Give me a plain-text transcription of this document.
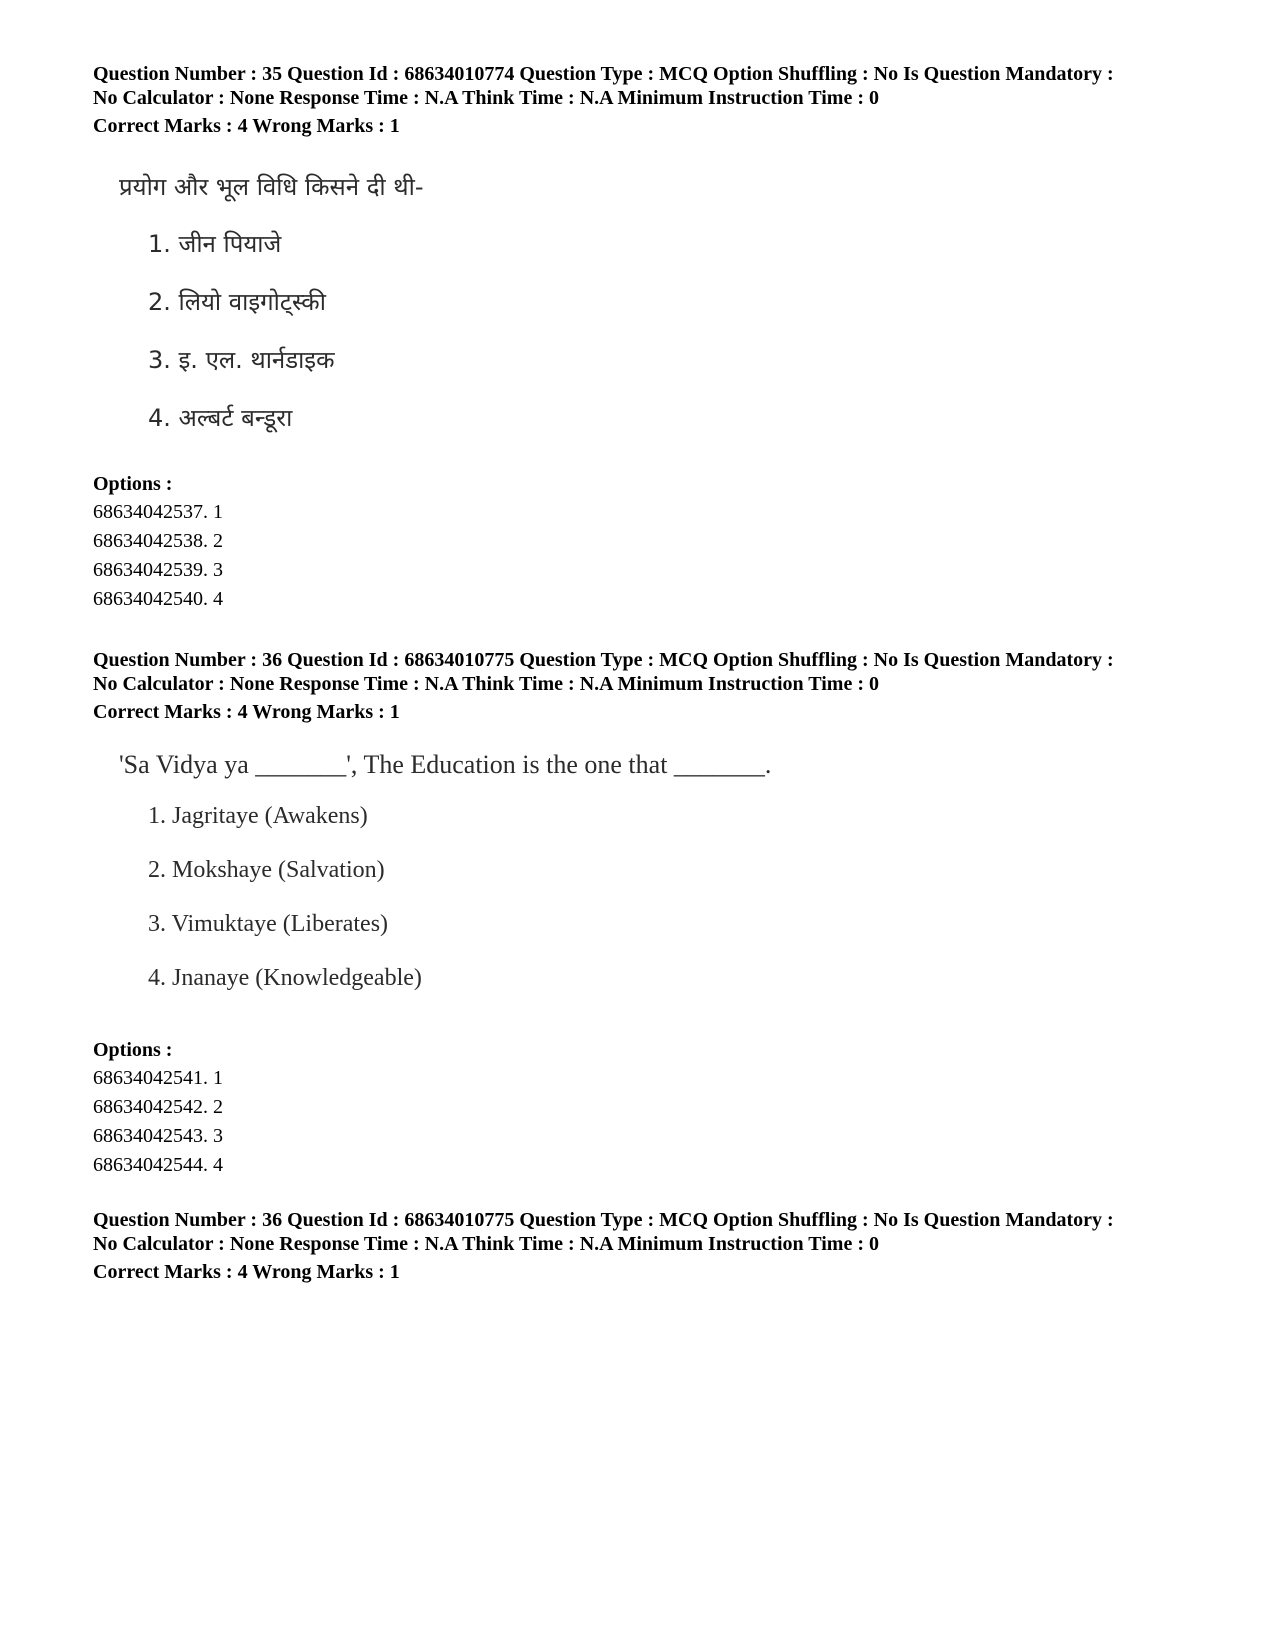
Question Number : 35 Question Id : 68634010774 Question Type : MCQ Option Shuffling : No Is Question Mandatory :
No Calculator : None Response Time : N.A Think Time : N.A Minimum Instruction Time : 0
Correct Marks : 4 Wrong Marks : 1
प्रयोग और भूल विधि किसने दी थी-
1. जीन पियाजे
2. लियो वाइगोट्स्की
3. इ. एल. थार्नडाइक
4. अल्बर्ट बन्डूरा
Options :
68634042537. 1
68634042538. 2
68634042539. 3
68634042540. 4
Question Number : 36 Question Id : 68634010775 Question Type : MCQ Option Shuffling : No Is Question Mandatory :
No Calculator : None Response Time : N.A Think Time : N.A Minimum Instruction Time : 0
Correct Marks : 4 Wrong Marks : 1
'Sa Vidya ya _______', The Education is the one that _______.
1. Jagritaye (Awakens)
2. Mokshaye (Salvation)
3. Vimuktaye (Liberates)
4. Jnanaye (Knowledgeable)
Options :
68634042541. 1
68634042542. 2
68634042543. 3
68634042544. 4
Question Number : 36 Question Id : 68634010775 Question Type : MCQ Option Shuffling : No Is Question Mandatory :
No Calculator : None Response Time : N.A Think Time : N.A Minimum Instruction Time : 0
Correct Marks : 4 Wrong Marks : 1
